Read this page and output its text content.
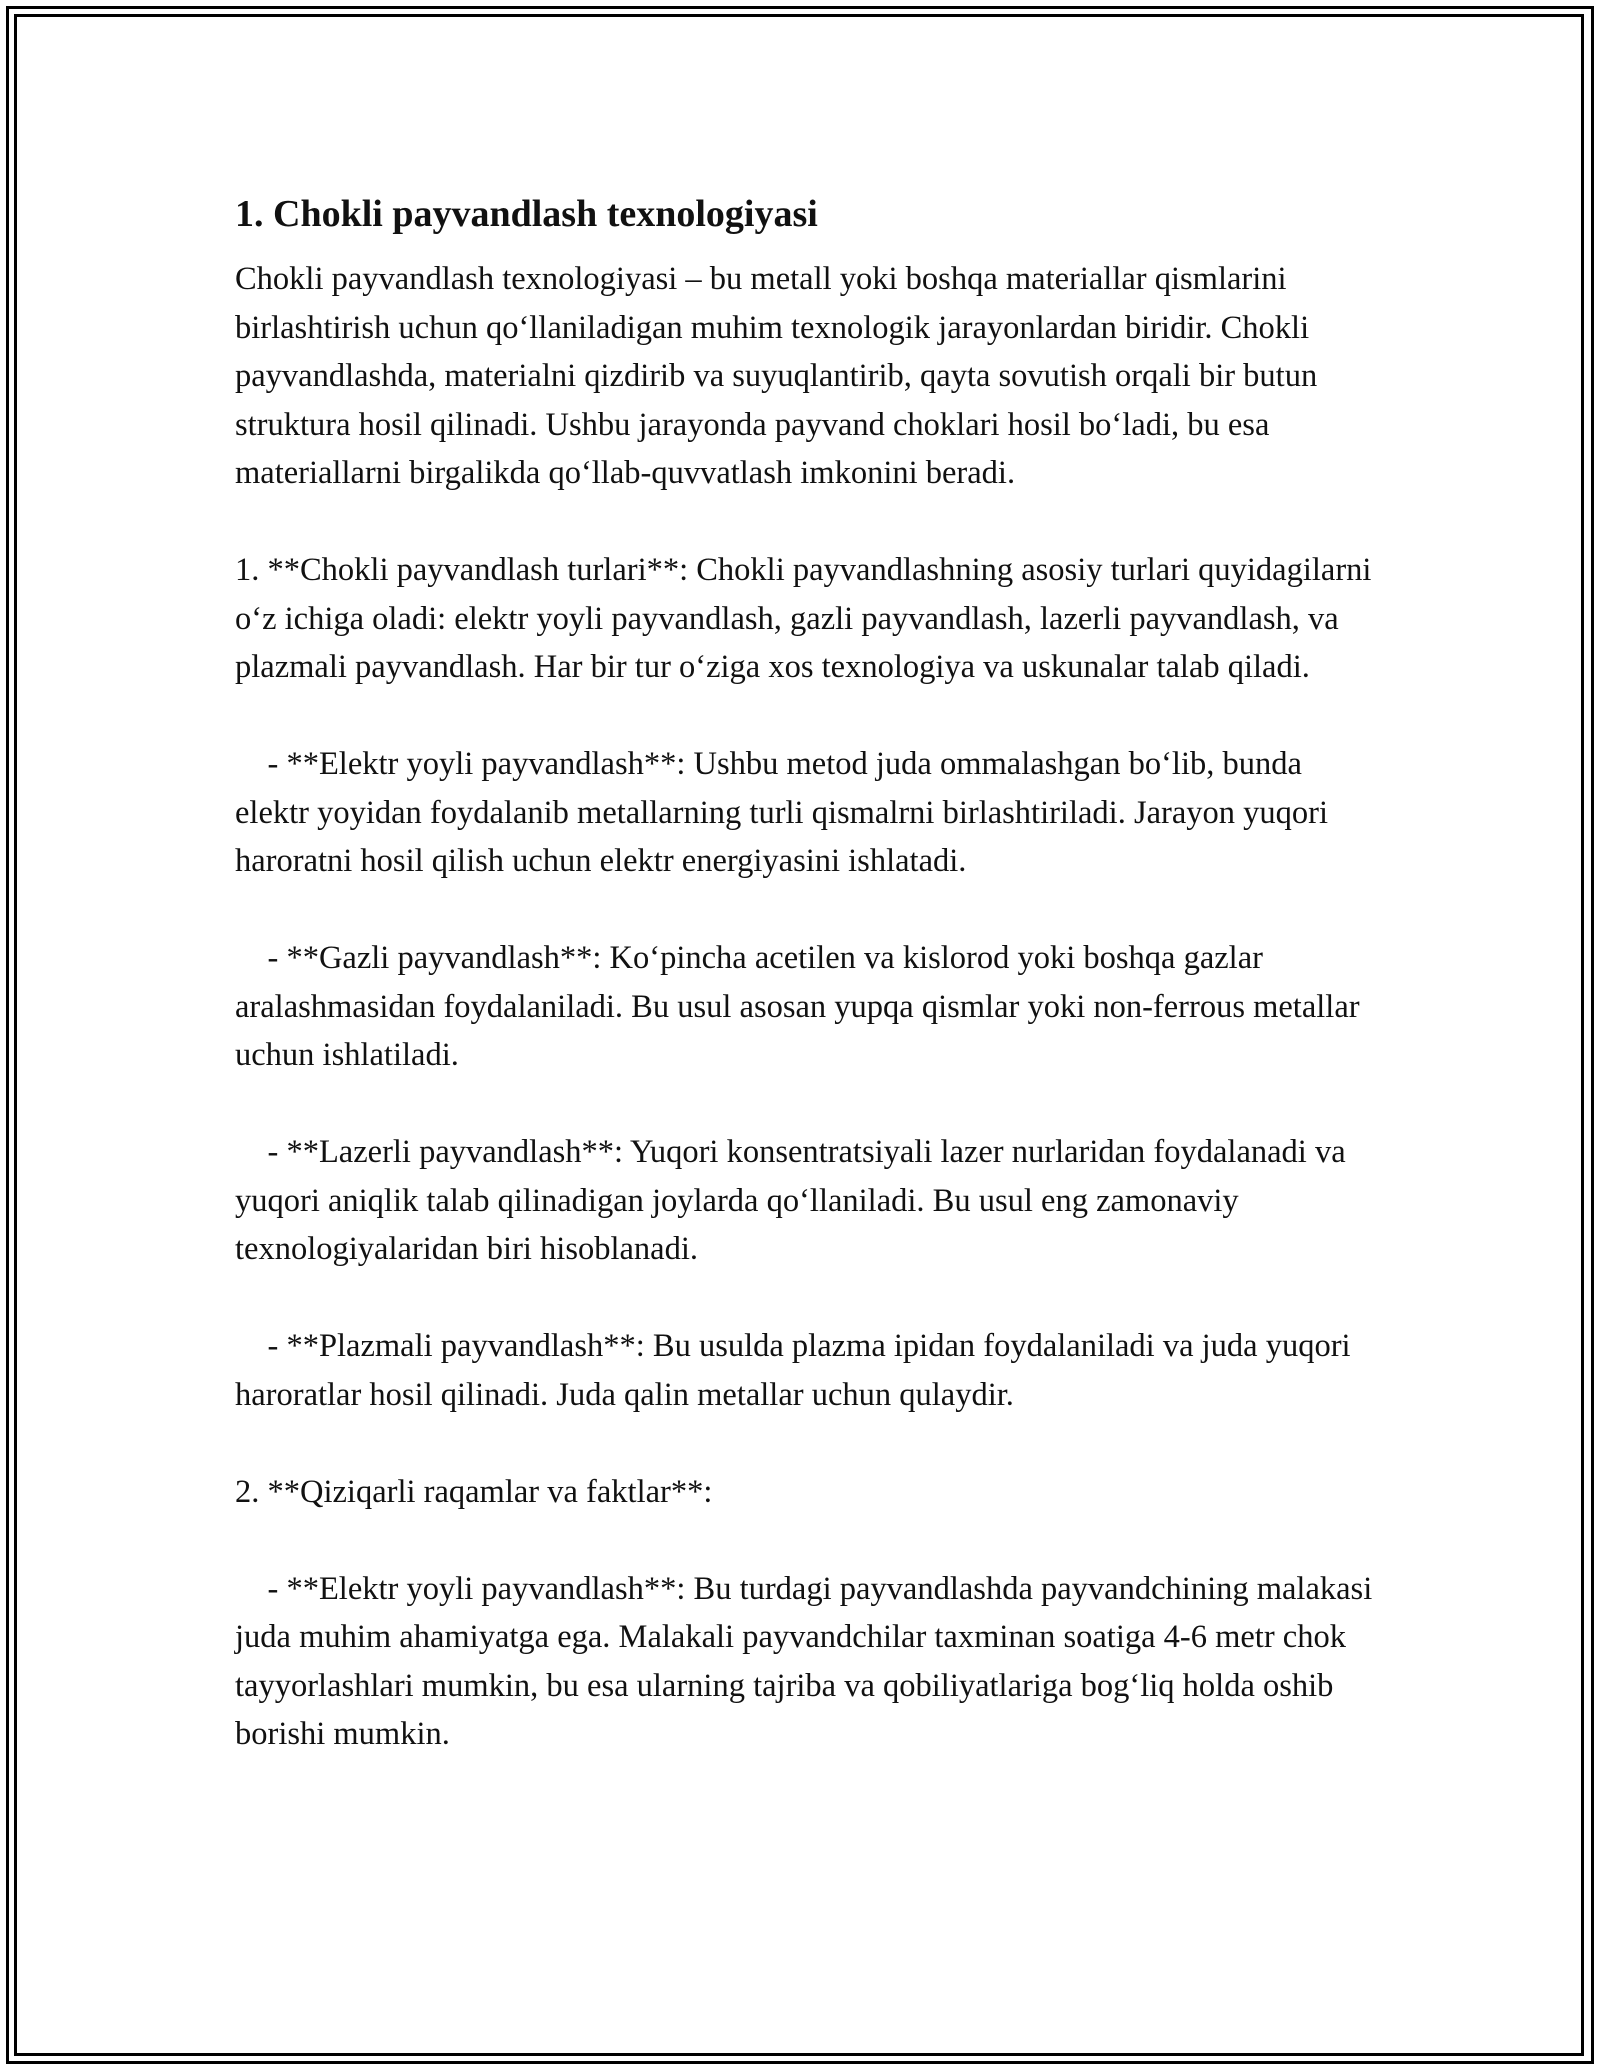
1. Chokli payvandlash texnologiyasi

Chokli payvandlash texnologiyasi – bu metall yoki boshqa materiallar qismlarini birlashtirish uchun qo‘llaniladigan muhim texnologik jarayonlardan biridir. Chokli payvandlashda, materialni qizdirib va suyuqlantirib, qayta sovutish orqali bir butun struktura hosil qilinadi. Ushbu jarayonda payvand choklari hosil bo‘ladi, bu esa materiallarni birgalikda qo‘llab-quvvatlash imkonini beradi.

1. **Chokli payvandlash turlari**: Chokli payvandlashning asosiy turlari quyidagilarni o‘z ichiga oladi: elektr yoyli payvandlash, gazli payvandlash, lazerli payvandlash, va plazmali payvandlash. Har bir tur o‘ziga xos texnologiya va uskunalar talab qiladi.

- **Elektr yoyli payvandlash**: Ushbu metod juda ommalashgan bo‘lib, bunda elektr yoyidan foydalanib metallarning turli qismalrni birlashtiriladi. Jarayon yuqori haroratni hosil qilish uchun elektr energiyasini ishlatadi.

- **Gazli payvandlash**: Ko‘pincha acetilen va kislorod yoki boshqa gazlar aralashmasidan foydalaniladi. Bu usul asosan yupqa qismlar yoki non-ferrous metallar uchun ishlatiladi.

- **Lazerli payvandlash**: Yuqori konsentratsiyali lazer nurlaridan foydalanadi va yuqori aniqlik talab qilinadigan joylarda qo‘llaniladi. Bu usul eng zamonaviy texnologiyalaridan biri hisoblanadi.

- **Plazmali payvandlash**: Bu usulda plazma ipidan foydalaniladi va juda yuqori haroratlar hosil qilinadi. Juda qalin metallar uchun qulaydir.

2. **Qiziqarli raqamlar va faktlar**:

- **Elektr yoyli payvandlash**: Bu turdagi payvandlashda payvandchining malakasi juda muhim ahamiyatga ega. Malakali payvandchilar taxminan soatiga 4-6 metr chok tayyorlashlari mumkin, bu esa ularning tajriba va qobiliyatlariga bog‘liq holda oshib borishi mumkin.
